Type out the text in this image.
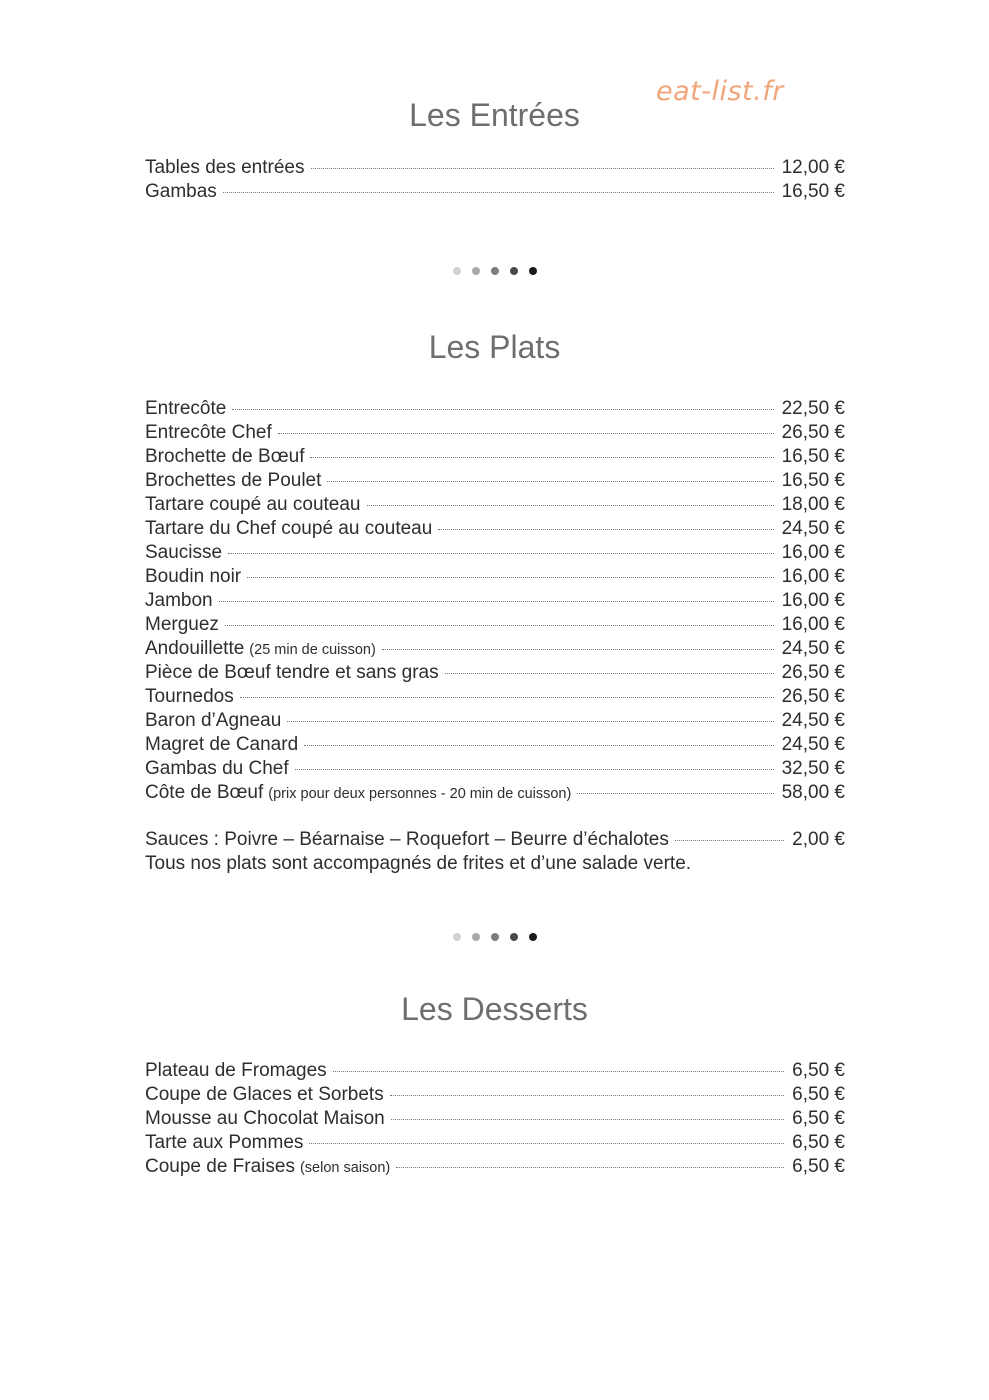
eat-list.fr
Les Entrées
Tables des entrées	12,00 €
Gambas	16,50 €
Les Plats
Entrecôte	22,50 €
Entrecôte Chef	26,50 €
Brochette de Bœuf	16,50 €
Brochettes de Poulet	16,50 €
Tartare coupé au couteau	18,00 €
Tartare du Chef coupé au couteau	24,50 €
Saucisse	16,00 €
Boudin noir	16,00 €
Jambon	16,00 €
Merguez	16,00 €
Andouillette (25 min de cuisson)	24,50 €
Pièce de Bœuf tendre et sans gras	26,50 €
Tournedos	26,50 €
Baron d’Agneau	24,50 €
Magret de Canard	24,50 €
Gambas du Chef	32,50 €
Côte de Bœuf (prix pour deux personnes - 20 min de cuisson)	58,00 €
Sauces : Poivre – Béarnaise – Roquefort – Beurre d’échalotes	2,00 €
Tous nos plats sont accompagnés de frites et d’une salade verte.
Les Desserts
Plateau de Fromages	6,50 €
Coupe de Glaces et Sorbets	6,50 €
Mousse au Chocolat Maison	6,50 €
Tarte aux Pommes	6,50 €
Coupe de Fraises (selon saison)	6,50 €
